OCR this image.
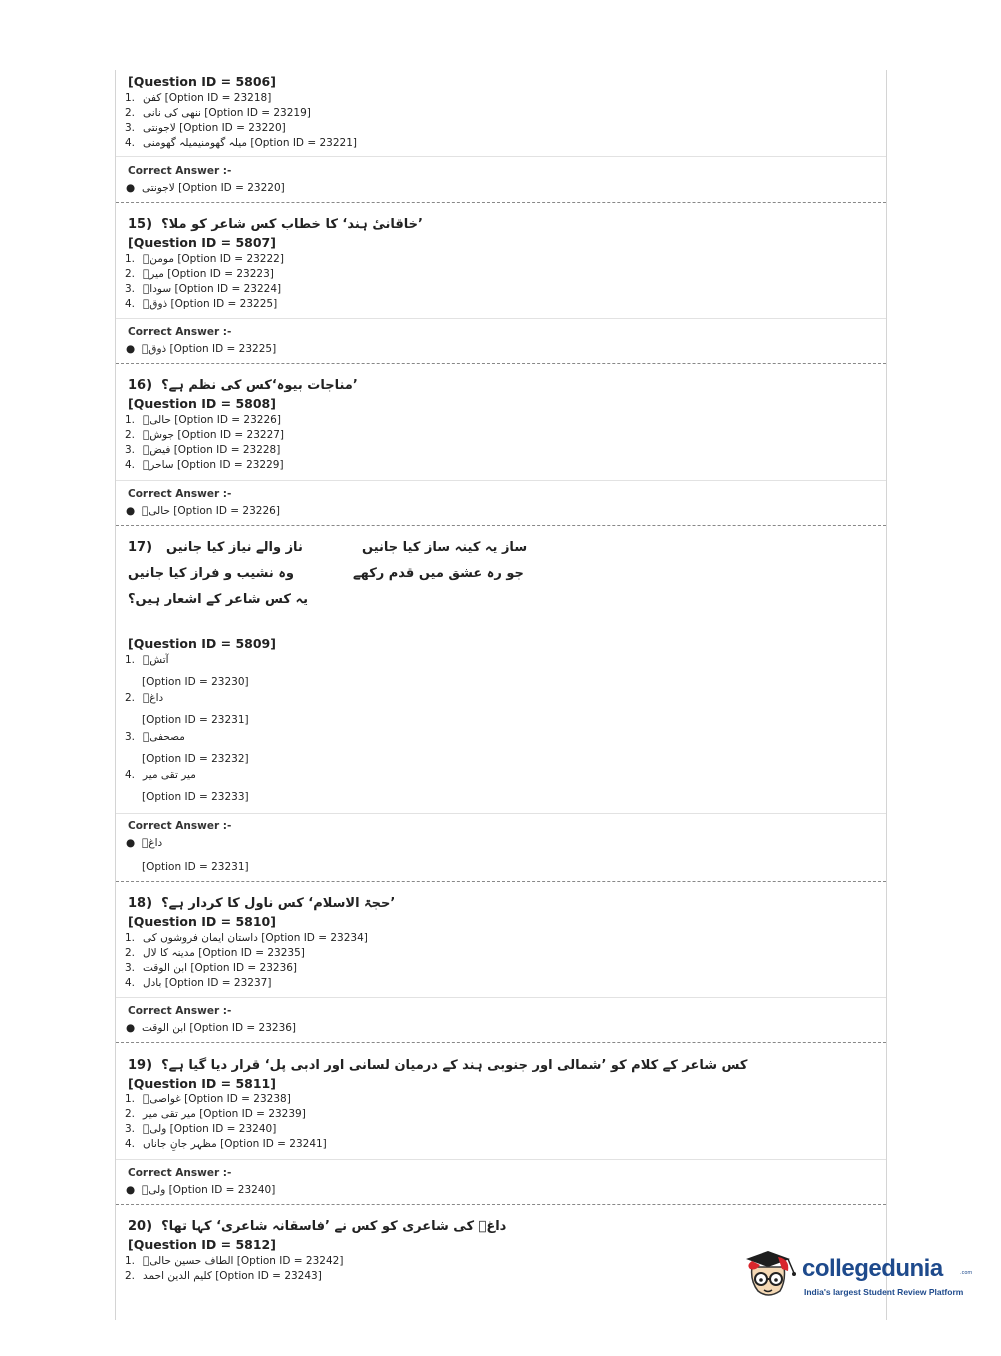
[Question ID = 5806]
1. کفن [Option ID = 23218]
2. ننھی کی نانی [Option ID = 23219]
3. لاجونتی [Option ID = 23220]
4. میلہ گھومنیمیلہ گھومنی [Option ID = 23221]
Correct Answer :-
● لاجونتی [Option ID = 23220]
15) ’خاقانیٔ ہند‘ کا خطاب کس شاعر کو ملا؟
[Question ID = 5807]
1. مومنؔ [Option ID = 23222]
2. میرؔ [Option ID = 23223]
3. سوداؔ [Option ID = 23224]
4. ذوقؔ [Option ID = 23225]
Correct Answer :-
● ذوقؔ [Option ID = 23225]
16) ’مناجات بیوہ‘کس کی نظم ہے؟
[Question ID = 5808]
1. حالیؔ [Option ID = 23226]
2. جوشؔ [Option ID = 23227]
3. فیضؔ [Option ID = 23228]
4. ساحرؔ [Option ID = 23229]
Correct Answer :-
● حالیؔ [Option ID = 23226]
17) ناز والے نیاز کیا جانیں	ساز یہ کینہ ساز کیا جانیں
وہ نشیب و فراز کیا جانیں	جو رہ عشق میں قدم رکھے
یہ کس شاعر کے اشعار ہیں؟
[Question ID = 5809]
1. آتشؔ
[Option ID = 23230]
2. داغؔ
[Option ID = 23231]
3. مصحفیؔ
[Option ID = 23232]
4. میر تقی میر
[Option ID = 23233]
Correct Answer :-
● داغؔ
[Option ID = 23231]
18) ’حجۃ الاسلام‘ کس ناول کا کردار ہے؟
[Question ID = 5810]
1. داستان ایمان فروشوں کی [Option ID = 23234]
2. مدینہ کا لال [Option ID = 23235]
3. ابن الوقت [Option ID = 23236]
4. بادل [Option ID = 23237]
Correct Answer :-
● ابن الوقت [Option ID = 23236]
19) کس شاعر کے کلام کو ’شمالی اور جنوبی ہند کے درمیان لسانی اور ادبی پل‘ قرار دیا گیا ہے؟
[Question ID = 5811]
1. غواصیؔ [Option ID = 23238]
2. میر تقی میر [Option ID = 23239]
3. ولیؔ [Option ID = 23240]
4. مظہر جانِ جاناں [Option ID = 23241]
Correct Answer :-
● ولیؔ [Option ID = 23240]
20) داغؔ کی شاعری کو کس نے ’فاسقانہ شاعری‘ کہا تھا؟
[Question ID = 5812]
1. الطاف حسین حالیؔ [Option ID = 23242]
2. کلیم الدین احمد [Option ID = 23243]	collegedunia	.com
India's largest Student Review Platform
